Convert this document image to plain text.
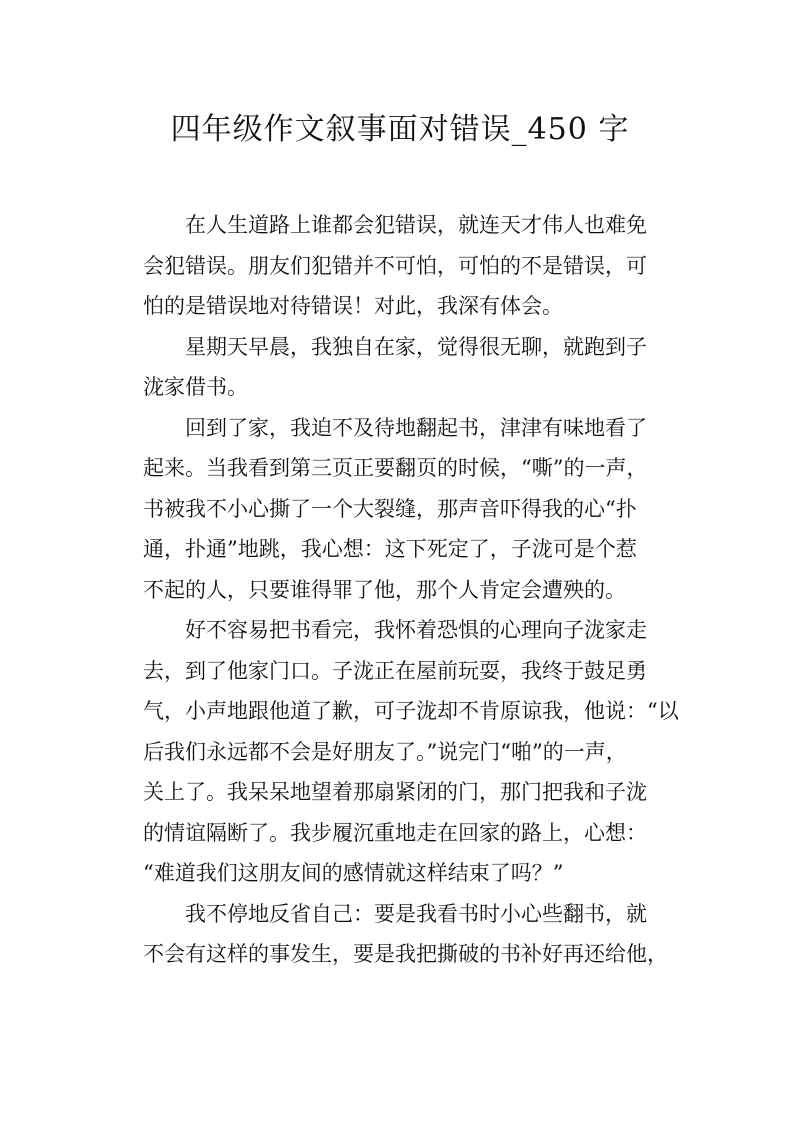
四年级作文叙事面对错误_450 字
在人生道路上谁都会犯错误，就连天才伟人也难免
会犯错误。朋友们犯错并不可怕，可怕的不是错误，可
怕的是错误地对待错误！对此，我深有体会。
星期天早晨，我独自在家，觉得很无聊，就跑到子
泷家借书。
回到了家，我迫不及待地翻起书，津津有味地看了
起来。当我看到第三页正要翻页的时候，“嘶”的一声，
书被我不小心撕了一个大裂缝，那声音吓得我的心“扑
通，扑通”地跳，我心想：这下死定了，子泷可是个惹
不起的人，只要谁得罪了他，那个人肯定会遭殃的。
好不容易把书看完，我怀着恐惧的心理向子泷家走
去，到了他家门口。子泷正在屋前玩耍，我终于鼓足勇
气，小声地跟他道了歉，可子泷却不肯原谅我，他说：“以
后我们永远都不会是好朋友了。”说完门“啪”的一声，
关上了。我呆呆地望着那扇紧闭的门，那门把我和子泷
的情谊隔断了。我步履沉重地走在回家的路上，心想：
“难道我们这朋友间的感情就这样结束了吗？”
我不停地反省自己：要是我看书时小心些翻书，就
不会有这样的事发生，要是我把撕破的书补好再还给他，
